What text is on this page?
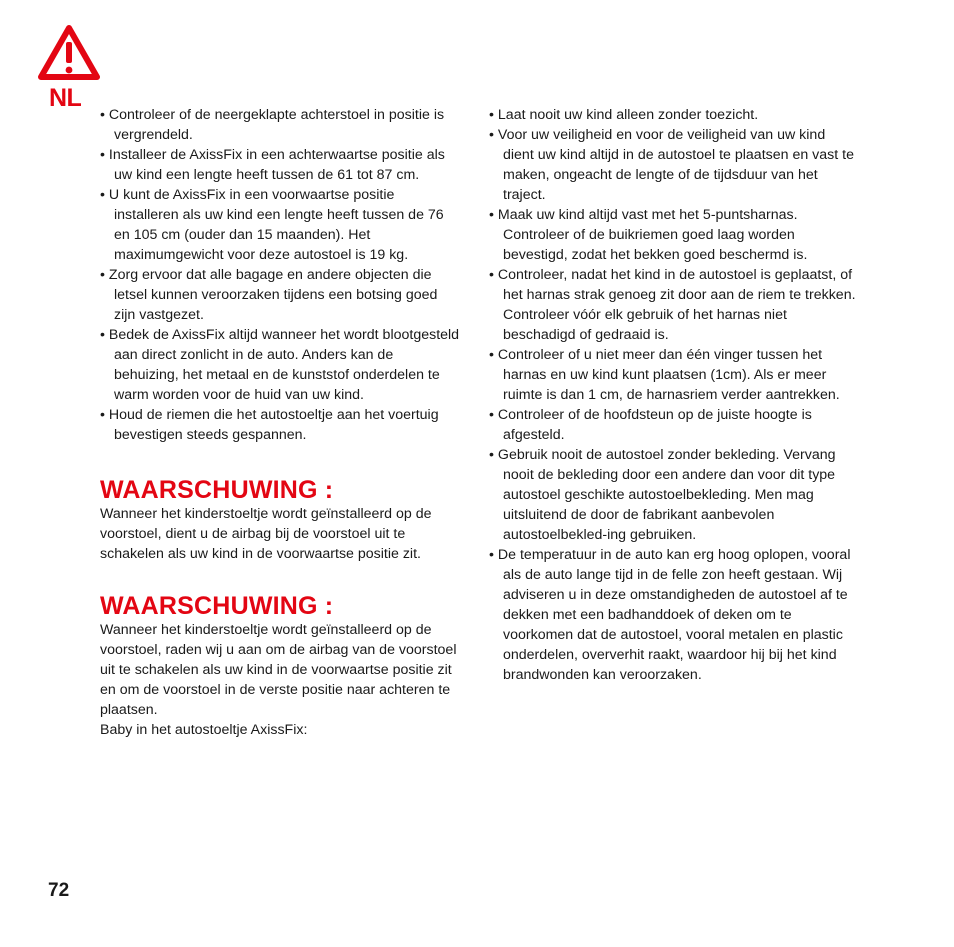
NL
• Controleer of de neergeklapte achterstoel in positie is vergrendeld.
• Installeer de AxissFix in een achterwaartse positie als uw kind een lengte heeft tussen de 61 tot 87 cm.
• U kunt de AxissFix in een voorwaartse positie installeren als uw kind een lengte heeft tussen de 76 en 105 cm (ouder dan 15 maanden). Het maximumgewicht voor deze autostoel is 19 kg.
• Zorg ervoor dat alle bagage en andere objecten die letsel kunnen veroorzaken tijdens een botsing goed zijn vastgezet.
• Bedek de AxissFix altijd wanneer het wordt blootgesteld aan direct zonlicht in de auto. Anders kan de behuizing, het metaal en de kunststof onderdelen te warm worden voor de huid van uw kind.
• Houd de riemen die het autostoeltje aan het voertuig bevestigen steeds gespannen.
WAARSCHUWING :

Wanneer het kinderstoeltje wordt geïnstalleerd op de voorstoel, dient u de airbag bij de voorstoel uit te schakelen als uw kind in de voorwaartse positie zit.

WAARSCHUWING :

Wanneer het kinderstoeltje wordt geïnstalleerd op de voorstoel, raden wij u aan om de airbag van de voorstoel uit te schakelen als uw kind in de voorwaartse positie zit en om de voorstoel in de verste positie naar achteren te plaatsen.

Baby in het autostoeltje AxissFix:

• Laat nooit uw kind alleen zonder toezicht.
• Voor uw veiligheid en voor de veiligheid van uw kind dient uw kind altijd in de autostoel te plaatsen en vast te maken, ongeacht de lengte of de tijdsduur van het traject.
• Maak uw kind altijd vast met het 5-puntsharnas. Controleer of de buikriemen goed laag worden bevestigd, zodat het bekken goed beschermd is.
• Controleer, nadat het kind in de autostoel is geplaatst, of het harnas strak genoeg zit door aan de riem te trekken. Controleer vóór elk gebruik of het harnas niet beschadigd of gedraaid is.
• Controleer of u niet meer dan één vinger tussen het harnas en uw kind kunt plaatsen (1cm). Als er meer ruimte is dan 1 cm, de harnasriem verder aantrekken.
• Controleer of de hoofdsteun op de juiste hoogte is afgesteld.
• Gebruik nooit de autostoel zonder bekleding. Vervang nooit de bekleding door een andere dan voor dit type autostoel geschikte autostoelbekleding. Men mag uitsluitend de door de fabrikant aanbevolen autostoelbekled-ing gebruiken.
• De temperatuur in de auto kan erg hoog oplopen, vooral als de auto lange tijd in de felle zon heeft gestaan. Wij adviseren u in deze omstandigheden de autostoel af te dekken met een badhanddoek of deken om te voorkomen dat de autostoel, vooral metalen en plastic onderdelen, oververhit raakt, waardoor hij bij het kind brandwonden kan veroorzaken.
72
